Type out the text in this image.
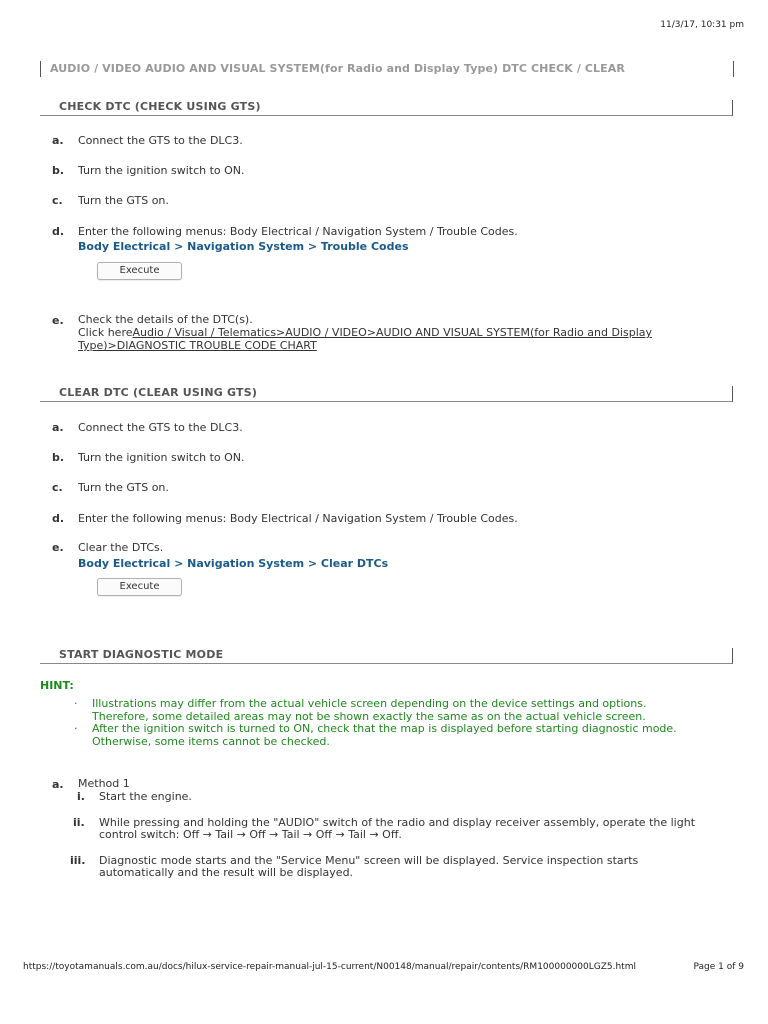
11/3/17, 10:31 pm
AUDIO / VIDEO AUDIO AND VISUAL SYSTEM(for Radio and Display Type) DTC CHECK / CLEAR
CHECK DTC (CHECK USING GTS)
a. Connect the GTS to the DLC3.
b. Turn the ignition switch to ON.
c. Turn the GTS on.
d. Enter the following menus: Body Electrical / Navigation System / Trouble Codes.
Body Electrical > Navigation System > Trouble Codes
Execute
e. Check the details of the DTC(s).
Click hereAudio / Visual / Telematics>AUDIO / VIDEO>AUDIO AND VISUAL SYSTEM(for Radio and Display
Type)>DIAGNOSTIC TROUBLE CODE CHART
CLEAR DTC (CLEAR USING GTS)
a. Connect the GTS to the DLC3.
b. Turn the ignition switch to ON.
c. Turn the GTS on.
d. Enter the following menus: Body Electrical / Navigation System / Trouble Codes.
e. Clear the DTCs.
Body Electrical > Navigation System > Clear DTCs
Execute
START DIAGNOSTIC MODE
HINT:
· Illustrations may differ from the actual vehicle screen depending on the device settings and options.
Therefore, some detailed areas may not be shown exactly the same as on the actual vehicle screen.
· After the ignition switch is turned to ON, check that the map is displayed before starting diagnostic mode.
Otherwise, some items cannot be checked.
a. Method 1
i. Start the engine.
ii. While pressing and holding the "AUDIO" switch of the radio and display receiver assembly, operate the light
control switch: Off → Tail → Off → Tail → Off → Tail → Off.
iii. Diagnostic mode starts and the "Service Menu" screen will be displayed. Service inspection starts
automatically and the result will be displayed.
https://toyotamanuals.com.au/docs/hilux-service-repair-manual-jul-15-current/N00148/manual/repair/contents/RM100000000LGZ5.html	Page 1 of 9
